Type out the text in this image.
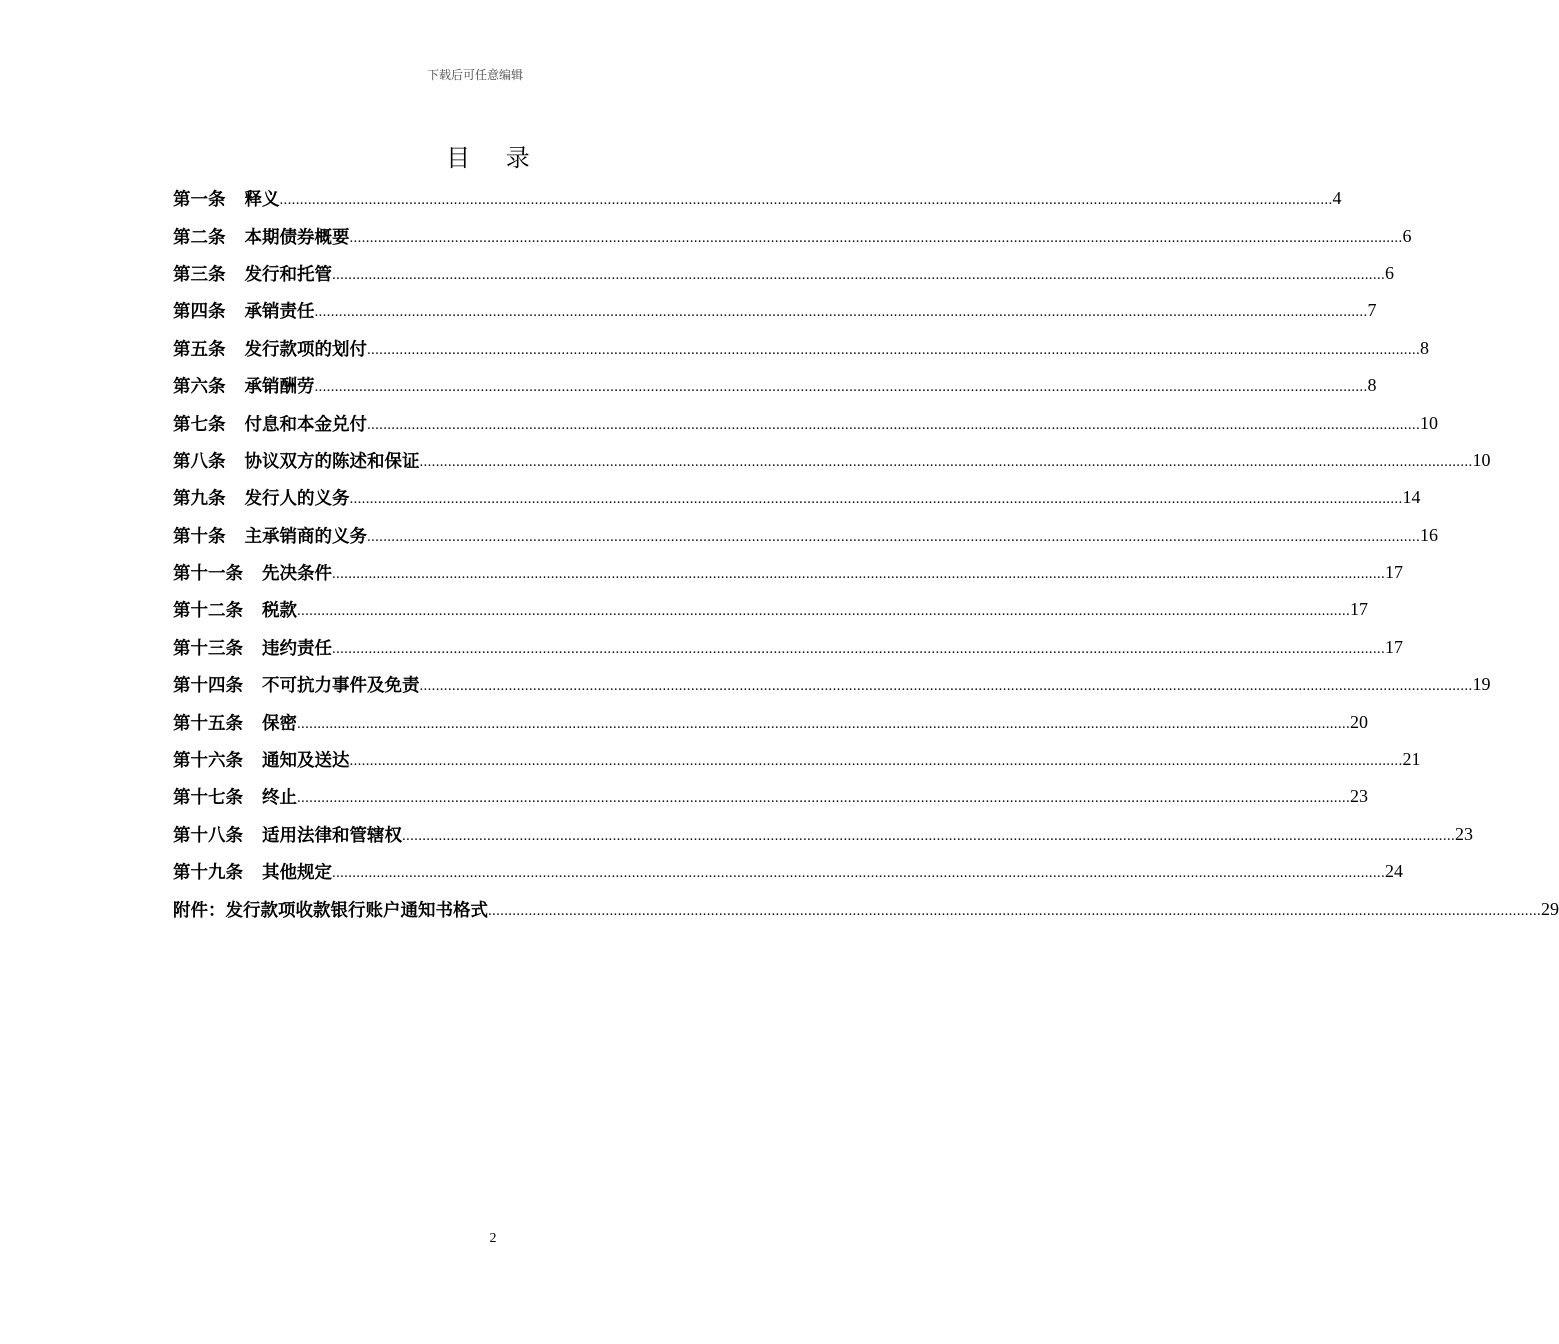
下载后可任意编辑
目 录
第一条 释义 .................................................................................................................................................................................................................................................................... 4
第二条 本期债券概要 .................................................................................................................................................................................................................................................................... 6
第三条 发行和托管 .................................................................................................................................................................................................................................................................... 6
第四条 承销责任 .................................................................................................................................................................................................................................................................... 7
第五条 发行款项的划付 .................................................................................................................................................................................................................................................................... 8
第六条 承销酬劳 .................................................................................................................................................................................................................................................................... 8
第七条 付息和本金兑付 .................................................................................................................................................................................................................................................................... 10
第八条 协议双方的陈述和保证 .................................................................................................................................................................................................................................................................... 10
第九条 发行人的义务 .................................................................................................................................................................................................................................................................... 14
第十条 主承销商的义务 .................................................................................................................................................................................................................................................................... 16
第十一条 先决条件 .................................................................................................................................................................................................................................................................... 17
第十二条 税款 .................................................................................................................................................................................................................................................................... 17
第十三条 违约责任 .................................................................................................................................................................................................................................................................... 17
第十四条 不可抗力事件及免责 .................................................................................................................................................................................................................................................................... 19
第十五条 保密 .................................................................................................................................................................................................................................................................... 20
第十六条 通知及送达 .................................................................................................................................................................................................................................................................... 21
第十七条 终止 .................................................................................................................................................................................................................................................................... 23
第十八条 适用法律和管辖权 .................................................................................................................................................................................................................................................................... 23
第十九条 其他规定 .................................................................................................................................................................................................................................................................... 24
附件：发行款项收款银行账户通知书格式 .................................................................................................................................................................................................................................................................... 29
2
